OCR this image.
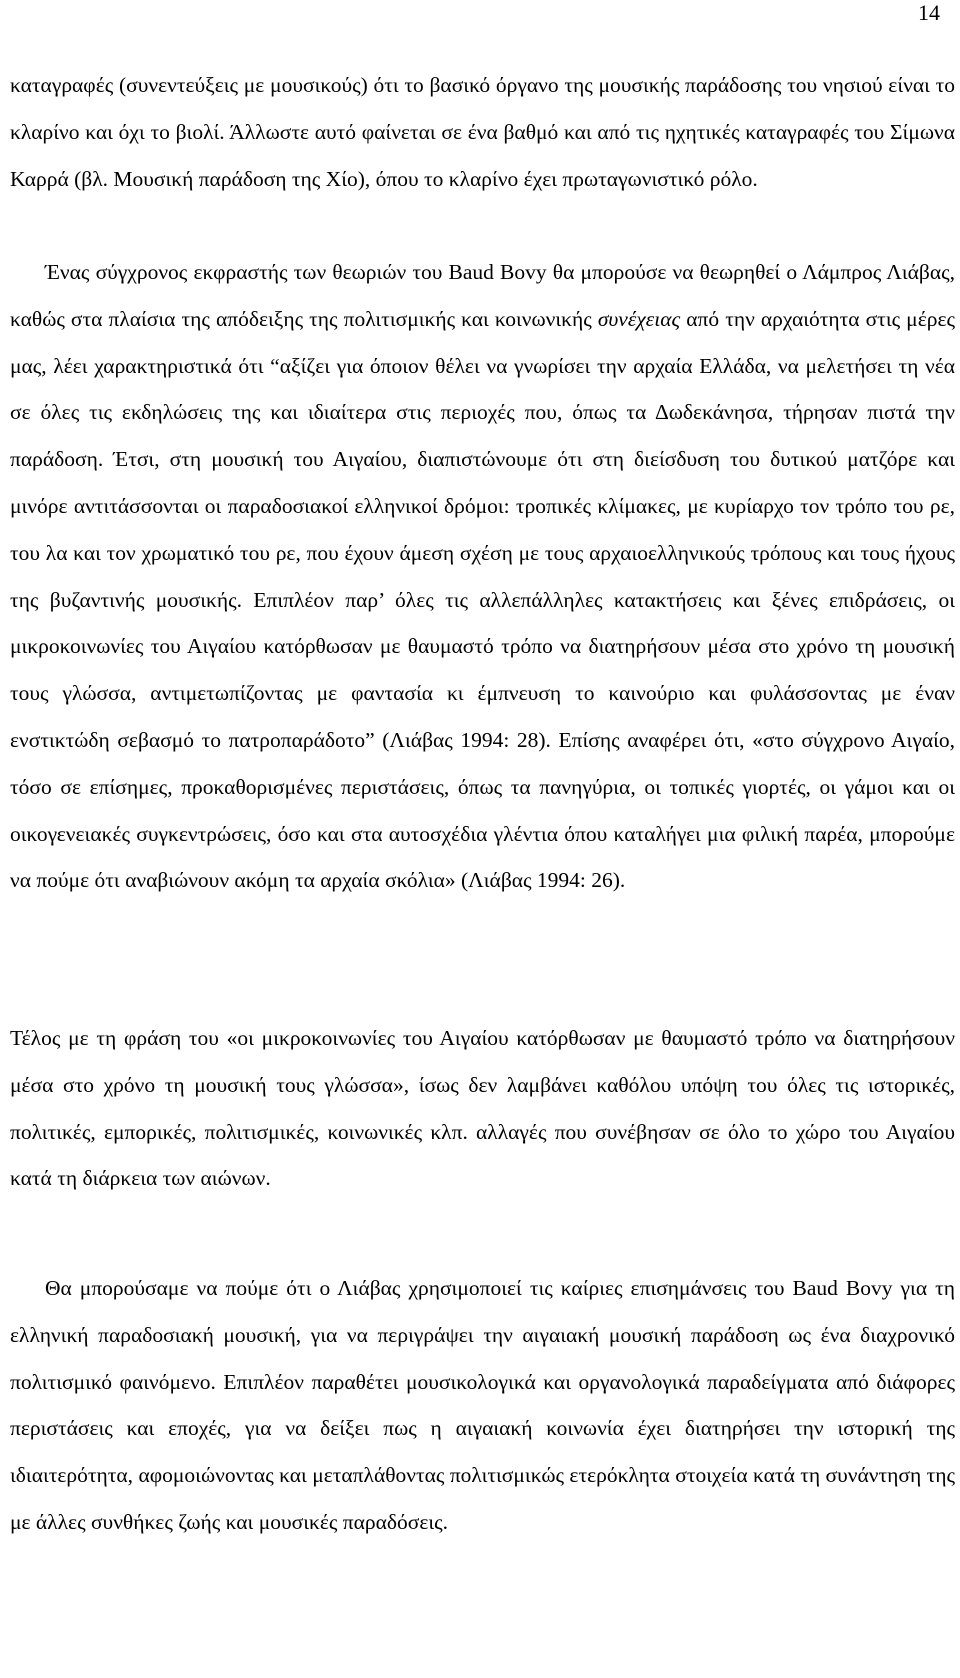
14

καταγραφές (συνεντεύξεις με μουσικούς) ότι το βασικό όργανο της μουσικής παράδοσης του νησιού είναι το κλαρίνο και όχι το βιολί. Άλλωστε αυτό φαίνεται σε ένα βαθμό και από τις ηχητικές καταγραφές του Σίμωνα Καρρά (βλ. Μουσική παράδοση της Χίο), όπου το κλαρίνο έχει πρωταγωνιστικό ρόλο.

Ένας σύγχρονος εκφραστής των θεωριών του Baud Bovy θα μπορούσε να θεωρηθεί ο Λάμπρος Λιάβας, καθώς στα πλαίσια της απόδειξης της πολιτισμικής και κοινωνικής συνέχειας από την αρχαιότητα στις μέρες μας, λέει χαρακτηριστικά ότι “αξίζει για όποιον θέλει να γνωρίσει την αρχαία Ελλάδα, να μελετήσει τη νέα σε όλες τις εκδηλώσεις της και ιδιαίτερα στις περιοχές που, όπως τα Δωδεκάνησα, τήρησαν πιστά την παράδοση. Έτσι, στη μουσική του Αιγαίου, διαπιστώνουμε ότι στη διείσδυση του δυτικού ματζόρε και μινόρε αντιτάσσονται οι παραδοσιακοί ελληνικοί δρόμοι: τροπικές κλίμακες, με κυρίαρχο τον τρόπο του ρε, του λα και τον χρωματικό του ρε, που έχουν άμεση σχέση με τους αρχαιοελληνικούς τρόπους και τους ήχους της βυζαντινής μουσικής. Επιπλέον παρ’ όλες τις αλλεπάλληλες κατακτήσεις και ξένες επιδράσεις, οι μικροκοινωνίες του Αιγαίου κατόρθωσαν με θαυμαστό τρόπο να διατηρήσουν μέσα στο χρόνο τη μουσική τους γλώσσα, αντιμετωπίζοντας με φαντασία κι έμπνευση το καινούριο και φυλάσσοντας με έναν ενστικτώδη σεβασμό το πατροπαράδοτο” (Λιάβας 1994: 28). Επίσης αναφέρει ότι, «στο σύγχρονο Αιγαίο, τόσο σε επίσημες, προκαθορισμένες περιστάσεις, όπως τα πανηγύρια, οι τοπικές γιορτές, οι γάμοι και οι οικογενειακές συγκεντρώσεις, όσο και στα αυτοσχέδια γλέντια όπου καταλήγει μια φιλική παρέα, μπορούμε να πούμε ότι αναβιώνουν ακόμη τα αρχαία σκόλια» (Λιάβας 1994: 26).

Τέλος με τη φράση του «οι μικροκοινωνίες του Αιγαίου κατόρθωσαν με θαυμαστό τρόπο να διατηρήσουν μέσα στο χρόνο τη μουσική τους γλώσσα», ίσως δεν λαμβάνει καθόλου υπόψη του όλες τις ιστορικές, πολιτικές, εμπορικές, πολιτισμικές, κοινωνικές κλπ. αλλαγές που συνέβησαν σε όλο το χώρο του Αιγαίου κατά τη διάρκεια των αιώνων.

Θα μπορούσαμε να πούμε ότι ο Λιάβας χρησιμοποιεί τις καίριες επισημάνσεις του Baud Bovy για τη ελληνική παραδοσιακή μουσική, για να περιγράψει την αιγαιακή μουσική παράδοση ως ένα διαχρονικό πολιτισμικό φαινόμενο. Επιπλέον παραθέτει μουσικολογικά και οργανολογικά παραδείγματα από διάφορες περιστάσεις και εποχές, για να δείξει πως η αιγαιακή κοινωνία έχει διατηρήσει την ιστορική της ιδιαιτερότητα, αφομοιώνοντας και μεταπλάθοντας πολιτισμικώς ετερόκλητα στοιχεία κατά τη συνάντηση της με άλλες συνθήκες ζωής και μουσικές παραδόσεις.
